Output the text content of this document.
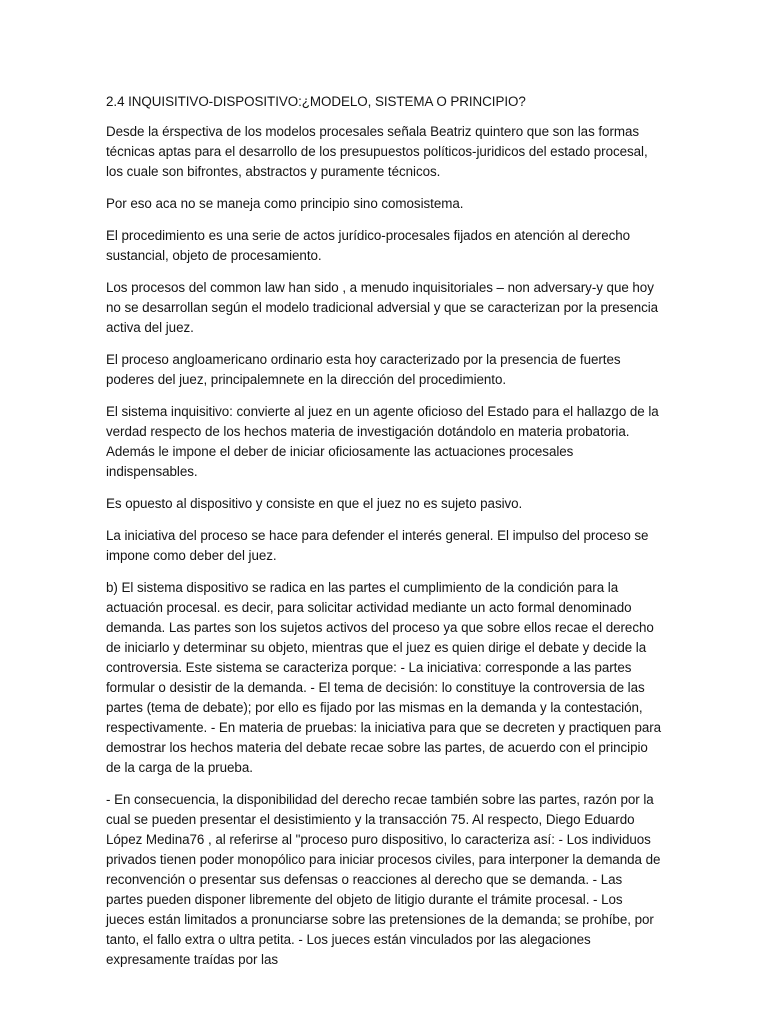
2.4 INQUISITIVO-DISPOSITIVO:¿MODELO, SISTEMA O PRINCIPIO?

Desde la érspectiva de los modelos procesales señala Beatriz quintero que son las formas técnicas aptas para el desarrollo de los presupuestos políticos-juridicos del estado procesal, los cuale son bifrontes, abstractos y puramente técnicos.

Por eso aca no se maneja como principio sino comosistema.

El procedimiento es una serie de actos jurídico-procesales fijados en atención al derecho sustancial, objeto de procesamiento.

Los procesos del common law han sido , a menudo inquisitoriales – non adversary-y que hoy no se desarrollan según el modelo tradicional adversial y que se caracterizan por la presencia activa del juez.

El proceso angloamericano ordinario esta hoy caracterizado por la presencia de fuertes poderes del juez, principalemnete en la dirección del procedimiento.

El sistema inquisitivo: convierte al juez en un agente oficioso del Estado para el hallazgo de la verdad respecto de los hechos materia de investigación dotándolo en materia probatoria. Además le impone el deber de iniciar oficiosamente las actuaciones procesales indispensables.

Es opuesto al dispositivo y consiste en que el juez no es sujeto pasivo.

La iniciativa del proceso se hace para defender el interés general. El impulso del proceso se impone como deber del juez.

b) El sistema dispositivo se radica en las partes el cumplimiento de la condición para la actuación procesal. es decir, para solicitar actividad mediante un acto formal denominado demanda. Las partes son los sujetos activos del proceso ya que sobre ellos recae el derecho de iniciarlo y determinar su objeto, mientras que el juez es quien dirige el debate y decide la controversia. Este sistema se caracteriza porque: - La iniciativa: corresponde a las partes formular o desistir de la demanda. - El tema de decisión: lo constituye la controversia de las partes (tema de debate); por ello es fijado por las mismas en la demanda y la contestación, respectivamente. - En materia de pruebas: la iniciativa para que se decreten y practiquen para demostrar los hechos materia del debate recae sobre las partes, de acuerdo con el principio de la carga de la prueba.

- En consecuencia, la disponibilidad del derecho recae también sobre las partes, razón por la cual se pueden presentar el desistimiento y la transacción 75. Al respecto, Diego Eduardo López Medina76 , al referirse al "proceso puro dispositivo, lo caracteriza así: - Los individuos privados tienen poder monopólico para iniciar procesos civiles, para interponer la demanda de reconvención o presentar sus defensas o reacciones al derecho que se demanda. - Las partes pueden disponer libremente del objeto de litigio durante el trámite procesal. - Los jueces están limitados a pronunciarse sobre las pretensiones de la demanda; se prohíbe, por tanto, el fallo extra o ultra petita. - Los jueces están vinculados por las alegaciones expresamente traídas por las
